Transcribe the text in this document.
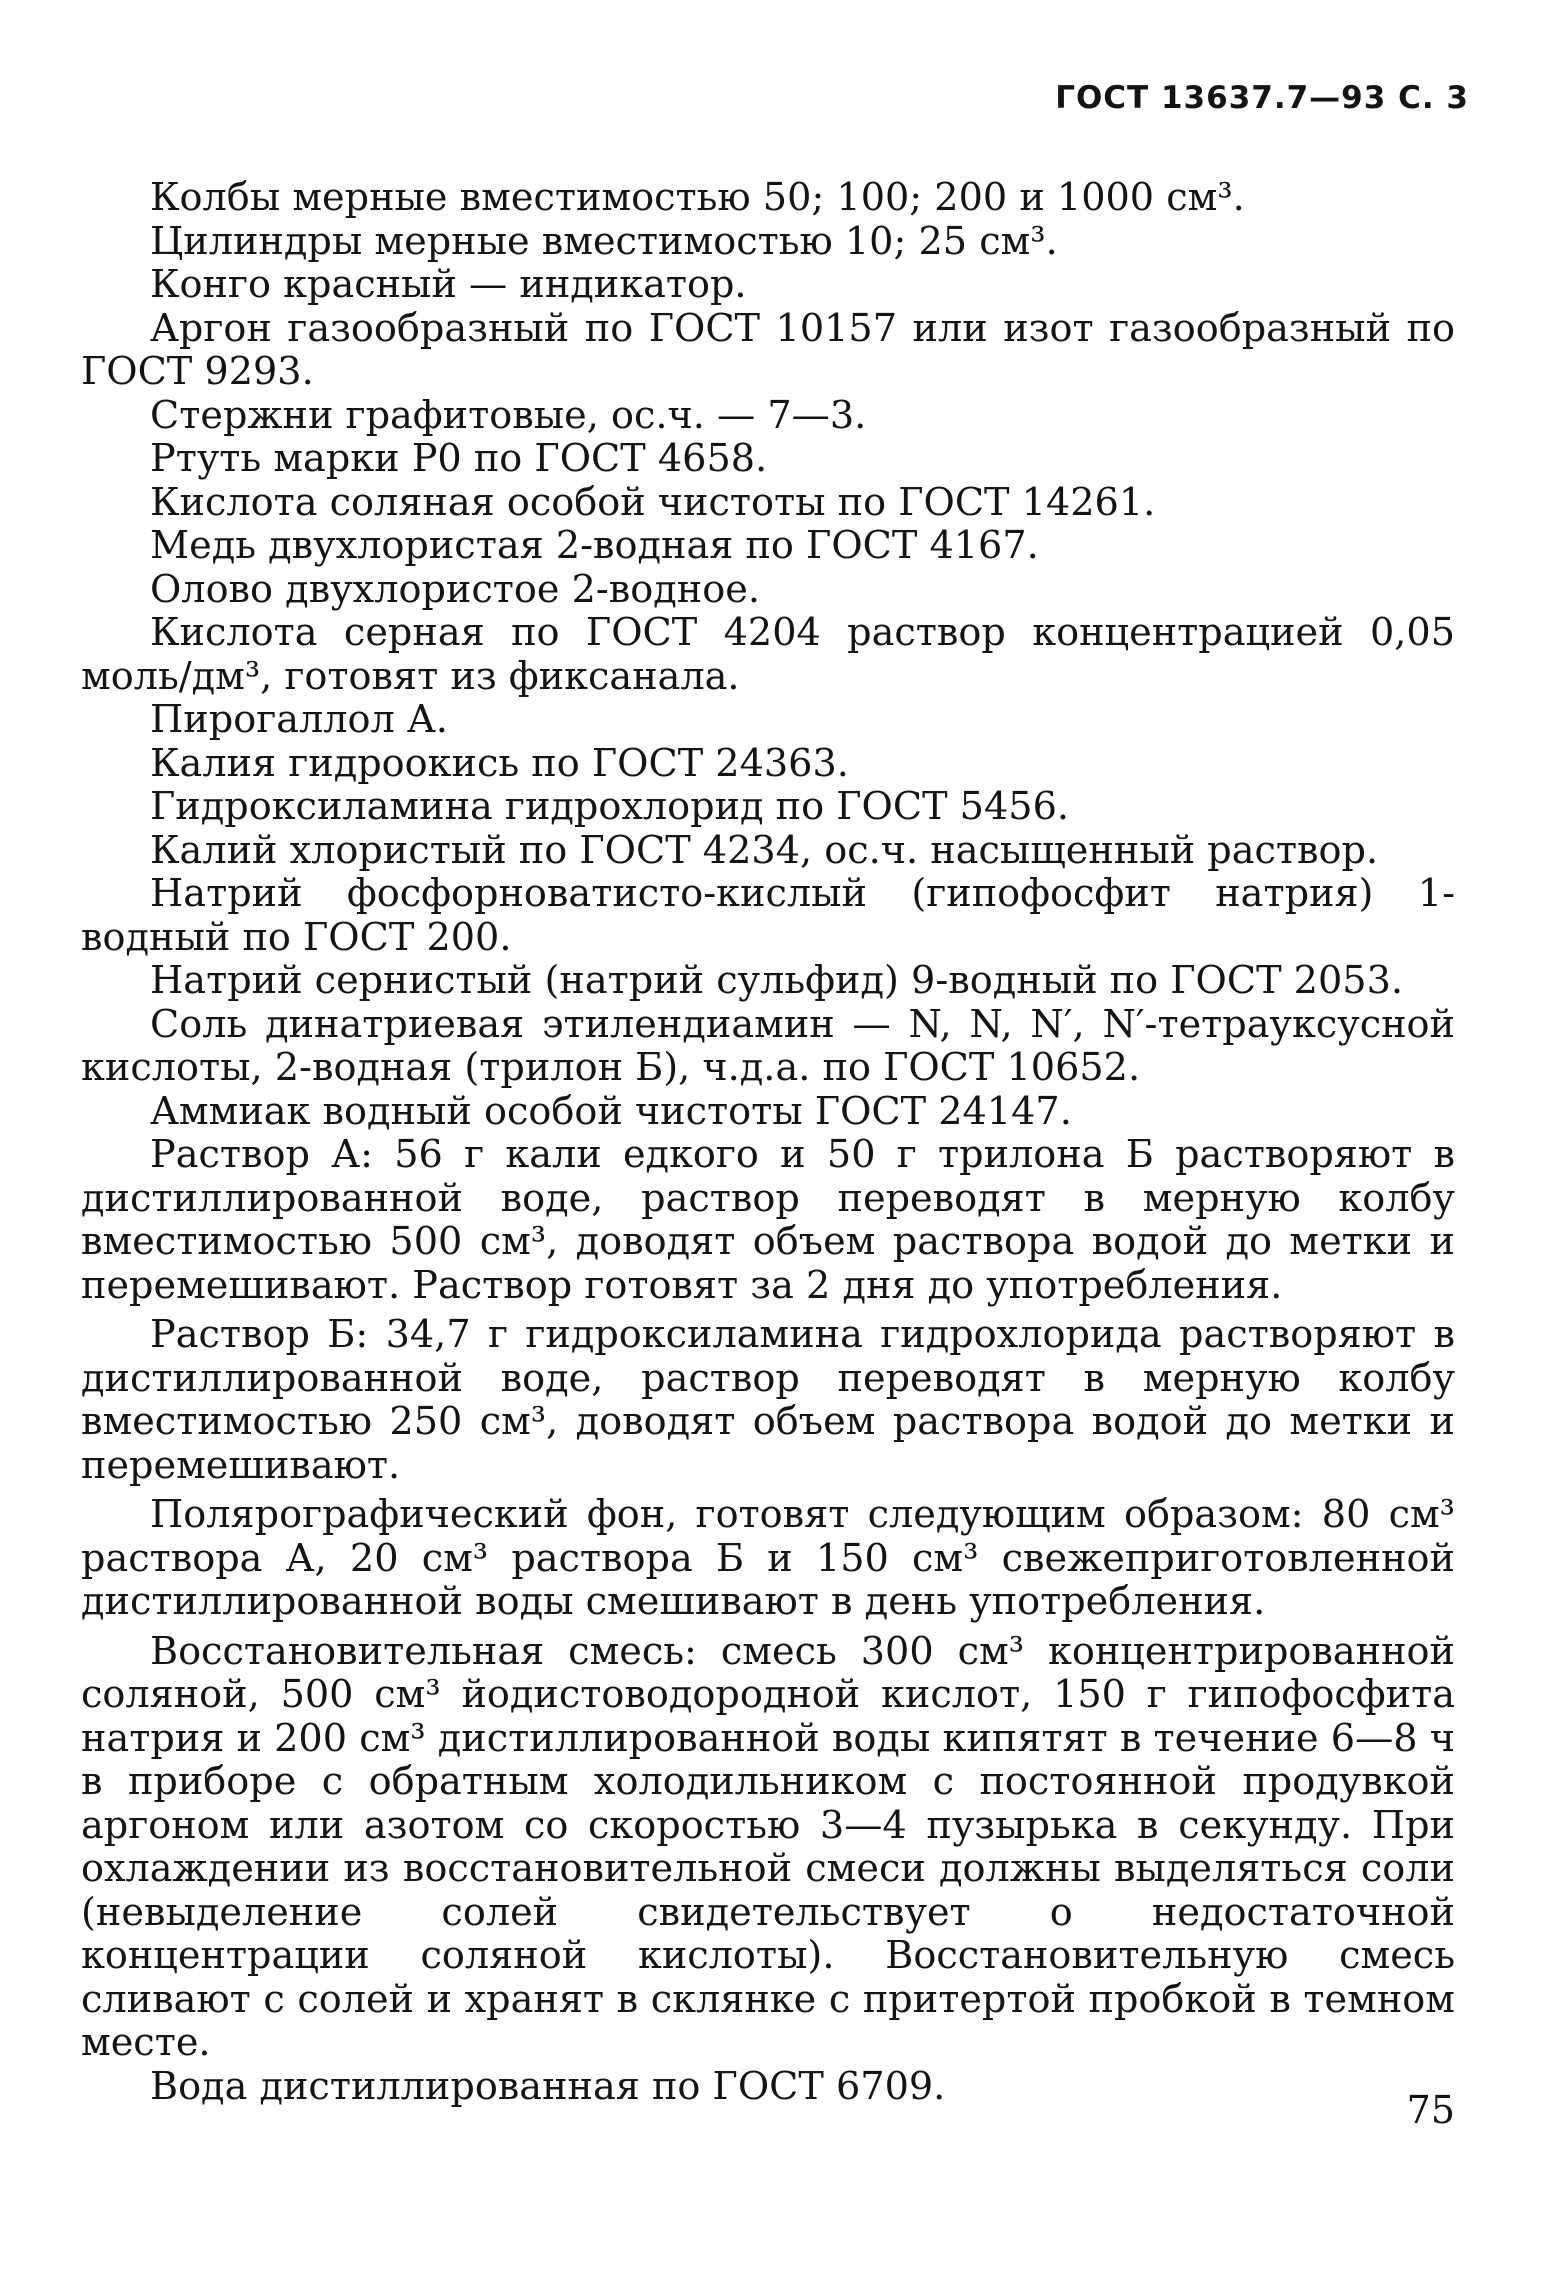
ГОСТ 13637.7—93 С. 3

Колбы мерные вместимостью 50; 100; 200 и 1000 см³.

Цилиндры мерные вместимостью 10; 25 см³.

Конго красный — индикатор.

Аргон газообразный по ГОСТ 10157 или изот газообразный по ГОСТ 9293.

Стержни графитовые, ос.ч. — 7—3.

Ртуть марки Р0 по ГОСТ 4658.

Кислота соляная особой чистоты по ГОСТ 14261.

Медь двухлористая 2-водная по ГОСТ 4167.

Олово двухлористое 2-водное.

Кислота серная по ГОСТ 4204 раствор концентрацией 0,05 моль/дм³, готовят из фиксанала.

Пирогаллол А.

Калия гидроокись по ГОСТ 24363.

Гидроксиламина гидрохлорид по ГОСТ 5456.

Калий хлористый по ГОСТ 4234, ос.ч. насыщенный раствор.

Натрий фосфорноватисто-кислый (гипофосфит натрия) 1-водный по ГОСТ 200.

Натрий сернистый (натрий сульфид) 9-водный по ГОСТ 2053.

Соль динатриевая этилендиамин — N, N, N′, N′-тетрауксусной кислоты, 2-водная (трилон Б), ч.д.а. по ГОСТ 10652.

Аммиак водный особой чистоты ГОСТ 24147.

Раствор А: 56 г кали едкого и 50 г трилона Б растворяют в дистиллированной воде, раствор переводят в мерную колбу вместимостью 500 см³, доводят объем раствора водой до метки и перемешивают. Раствор готовят за 2 дня до употребления.

Раствор Б: 34,7 г гидроксиламина гидрохлорида растворяют в дистиллированной воде, раствор переводят в мерную колбу вместимостью 250 см³, доводят объем раствора водой до метки и перемешивают.

Полярографический фон, готовят следующим образом: 80 см³ раствора А, 20 см³ раствора Б и 150 см³ свежеприготовленной дистиллированной воды смешивают в день употребления.

Восстановительная смесь: смесь 300 см³ концентрированной соляной, 500 см³ йодистоводородной кислот, 150 г гипофосфита натрия и 200 см³ дистиллированной воды кипятят в течение 6—8 ч в приборе с обратным холодильником с постоянной продувкой аргоном или азотом со скоростью 3—4 пузырька в секунду. При охлаждении из восстановительной смеси должны выделяться соли (невыделение солей свидетельствует о недостаточной концентрации соляной кислоты). Восстановительную смесь сливают с солей и хранят в склянке с притертой пробкой в темном месте.

Вода дистиллированная по ГОСТ 6709.

75
